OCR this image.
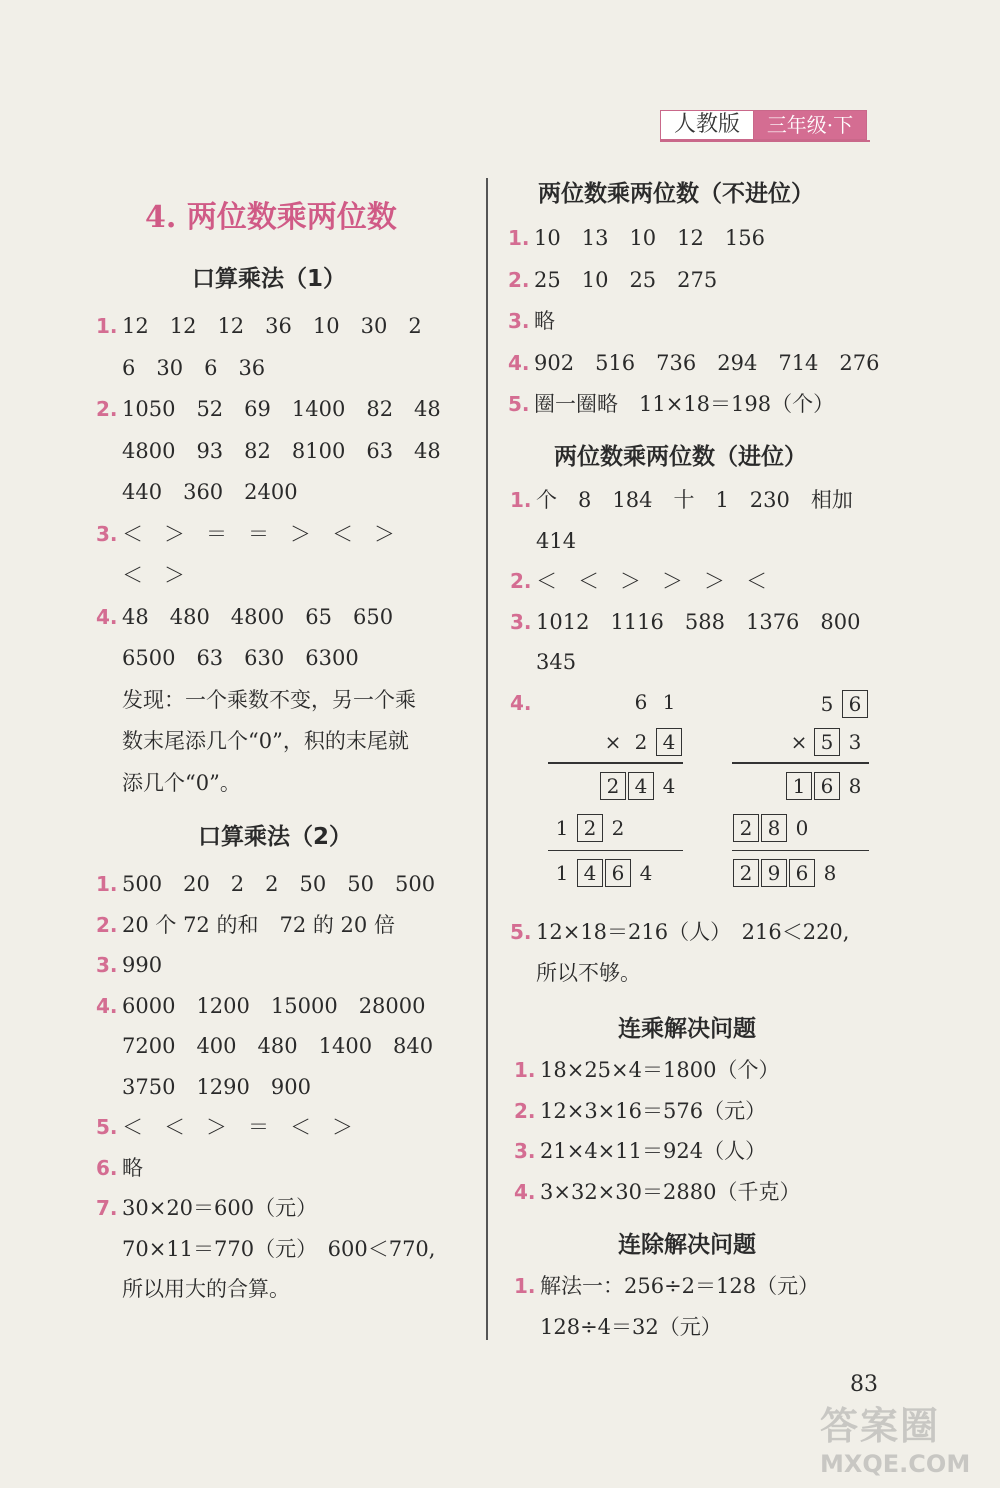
人教版	三年级·下
4. 两位数乘两位数
口算乘法（1）
1. 12　12　12　36　10　30　2
6　30　6　36
2. 1050　52　69　1400　82　48
4800　93　82　8100　63　48
440　360　2400
3. ＜　＞　＝　＝　＞　＜　＞
＜　＞
4. 48　480　4800　65　650
6500　63　630　6300
发现：一个乘数不变，另一个乘
数末尾添几个“0”，积的末尾就
添几个“0”。
口算乘法（2）
1. 500　20　2　2　50　50　500
2. 20 个 72 的和　72 的 20 倍
3. 990
4. 6000　1200　15000　28000
7200　400　480　1400　840
3750　1290　900
5. ＜　＜　＞　＝　＜　＞
6. 略
7. 30×20＝600（元）
70×11＝770（元）　600＜770,
所以用大的合算。
两位数乘两位数（不进位）
1. 10　13　10　12　156
2. 25　10　25　275
3. 略
4. 902　516　736　294　714　276
5. 圈一圈略　11×18＝198（个）
两位数乘两位数（进位）
1. 个　8　184　十　1　230　相加
414
2. ＜　＜　＞　＞　＞　＜
3. 1012　1116　588　1376　800
345
4.	6 1
× 2 4
2 4 4
1 2 2
1 4 6 4
5 6
× 5 3
1 6 8
2 8 0
2 9 6 8
5. 12×18＝216（人）　216＜220,
所以不够。
连乘解决问题
1. 18×25×4＝1800（个）
2. 12×3×16＝576（元）
3. 21×4×11＝924（人）
4. 3×32×30＝2880（千克）
连除解决问题
1. 解法一：256÷2＝128（元）
128÷4＝32（元）
83
答案圈
MXQE.COM
